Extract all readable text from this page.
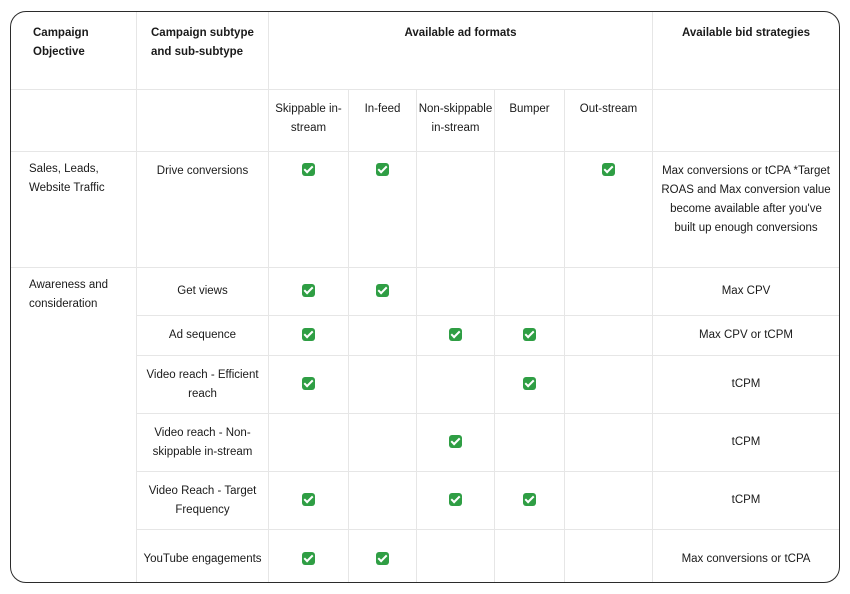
Campaign Objective	Campaign subtype and sub-subtype	Available ad formats					Available bid strategies
		Skippable in-stream	In-feed	Non-skippable in-stream	Bumper	Out-stream	
Sales, Leads, Website Traffic	Drive conversions						Max conversions or tCPA *Target ROAS and Max conversion value become available after you've built up enough conversions
Awareness and consideration	Get views						Max CPV
	Ad sequence						Max CPV or tCPM
	Video reach - Efficient reach						tCPM
	Video reach - Non-skippable in-stream						tCPM
	Video Reach - Target Frequency						tCPM
	YouTube engagements						Max conversions or tCPA
